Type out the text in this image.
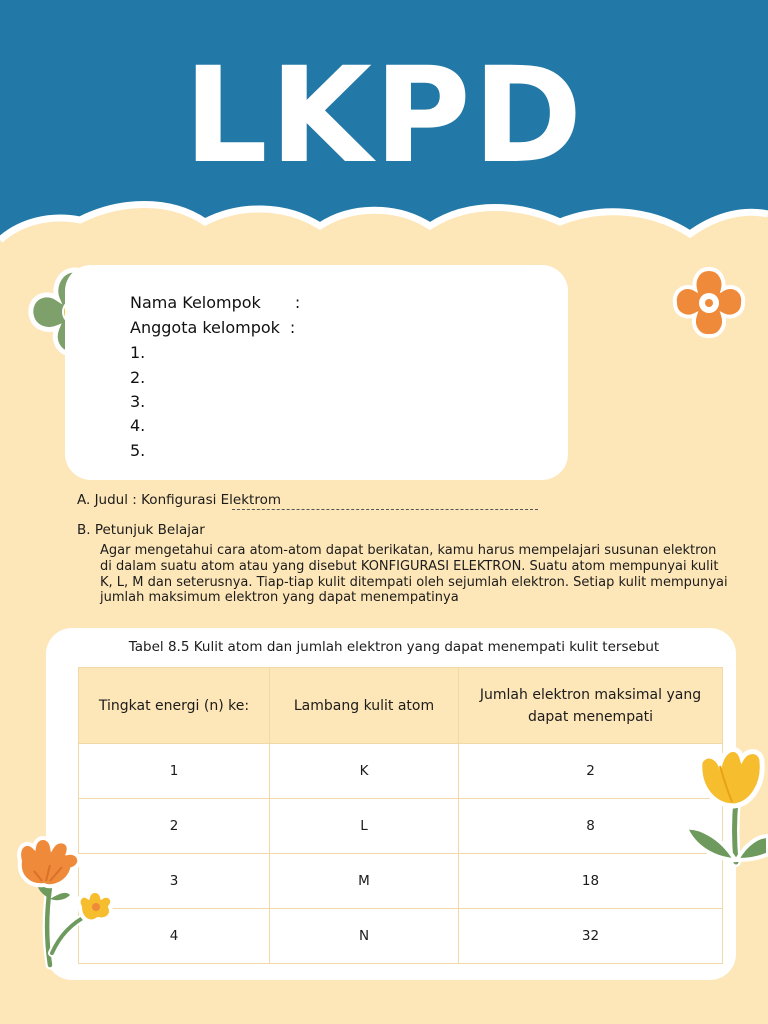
LKPD
Nama Kelompok :
Anggota kelompok :
1.
2.
3.
4.
5.
A. Judul : Konfigurasi Elektrom
B. Petunjuk Belajar
Agar mengetahui cara atom-atom dapat berikatan, kamu harus mempelajari susunan elektron di dalam suatu atom atau yang disebut KONFIGURASI ELEKTRON. Suatu atom mempunyai kulit K, L, M dan seterusnya. Tiap-tiap kulit ditempati oleh sejumlah elektron. Setiap kulit mempunyai jumlah maksimum elektron yang dapat menempatinya
Tabel 8.5 Kulit atom dan jumlah elektron yang dapat menempati kulit tersebut
Tingkat energi (n) ke:	Lambang kulit atom	Jumlah elektron maksimal yang dapat menempati
1	K	2
2	L	8
3	M	18
4	N	32
